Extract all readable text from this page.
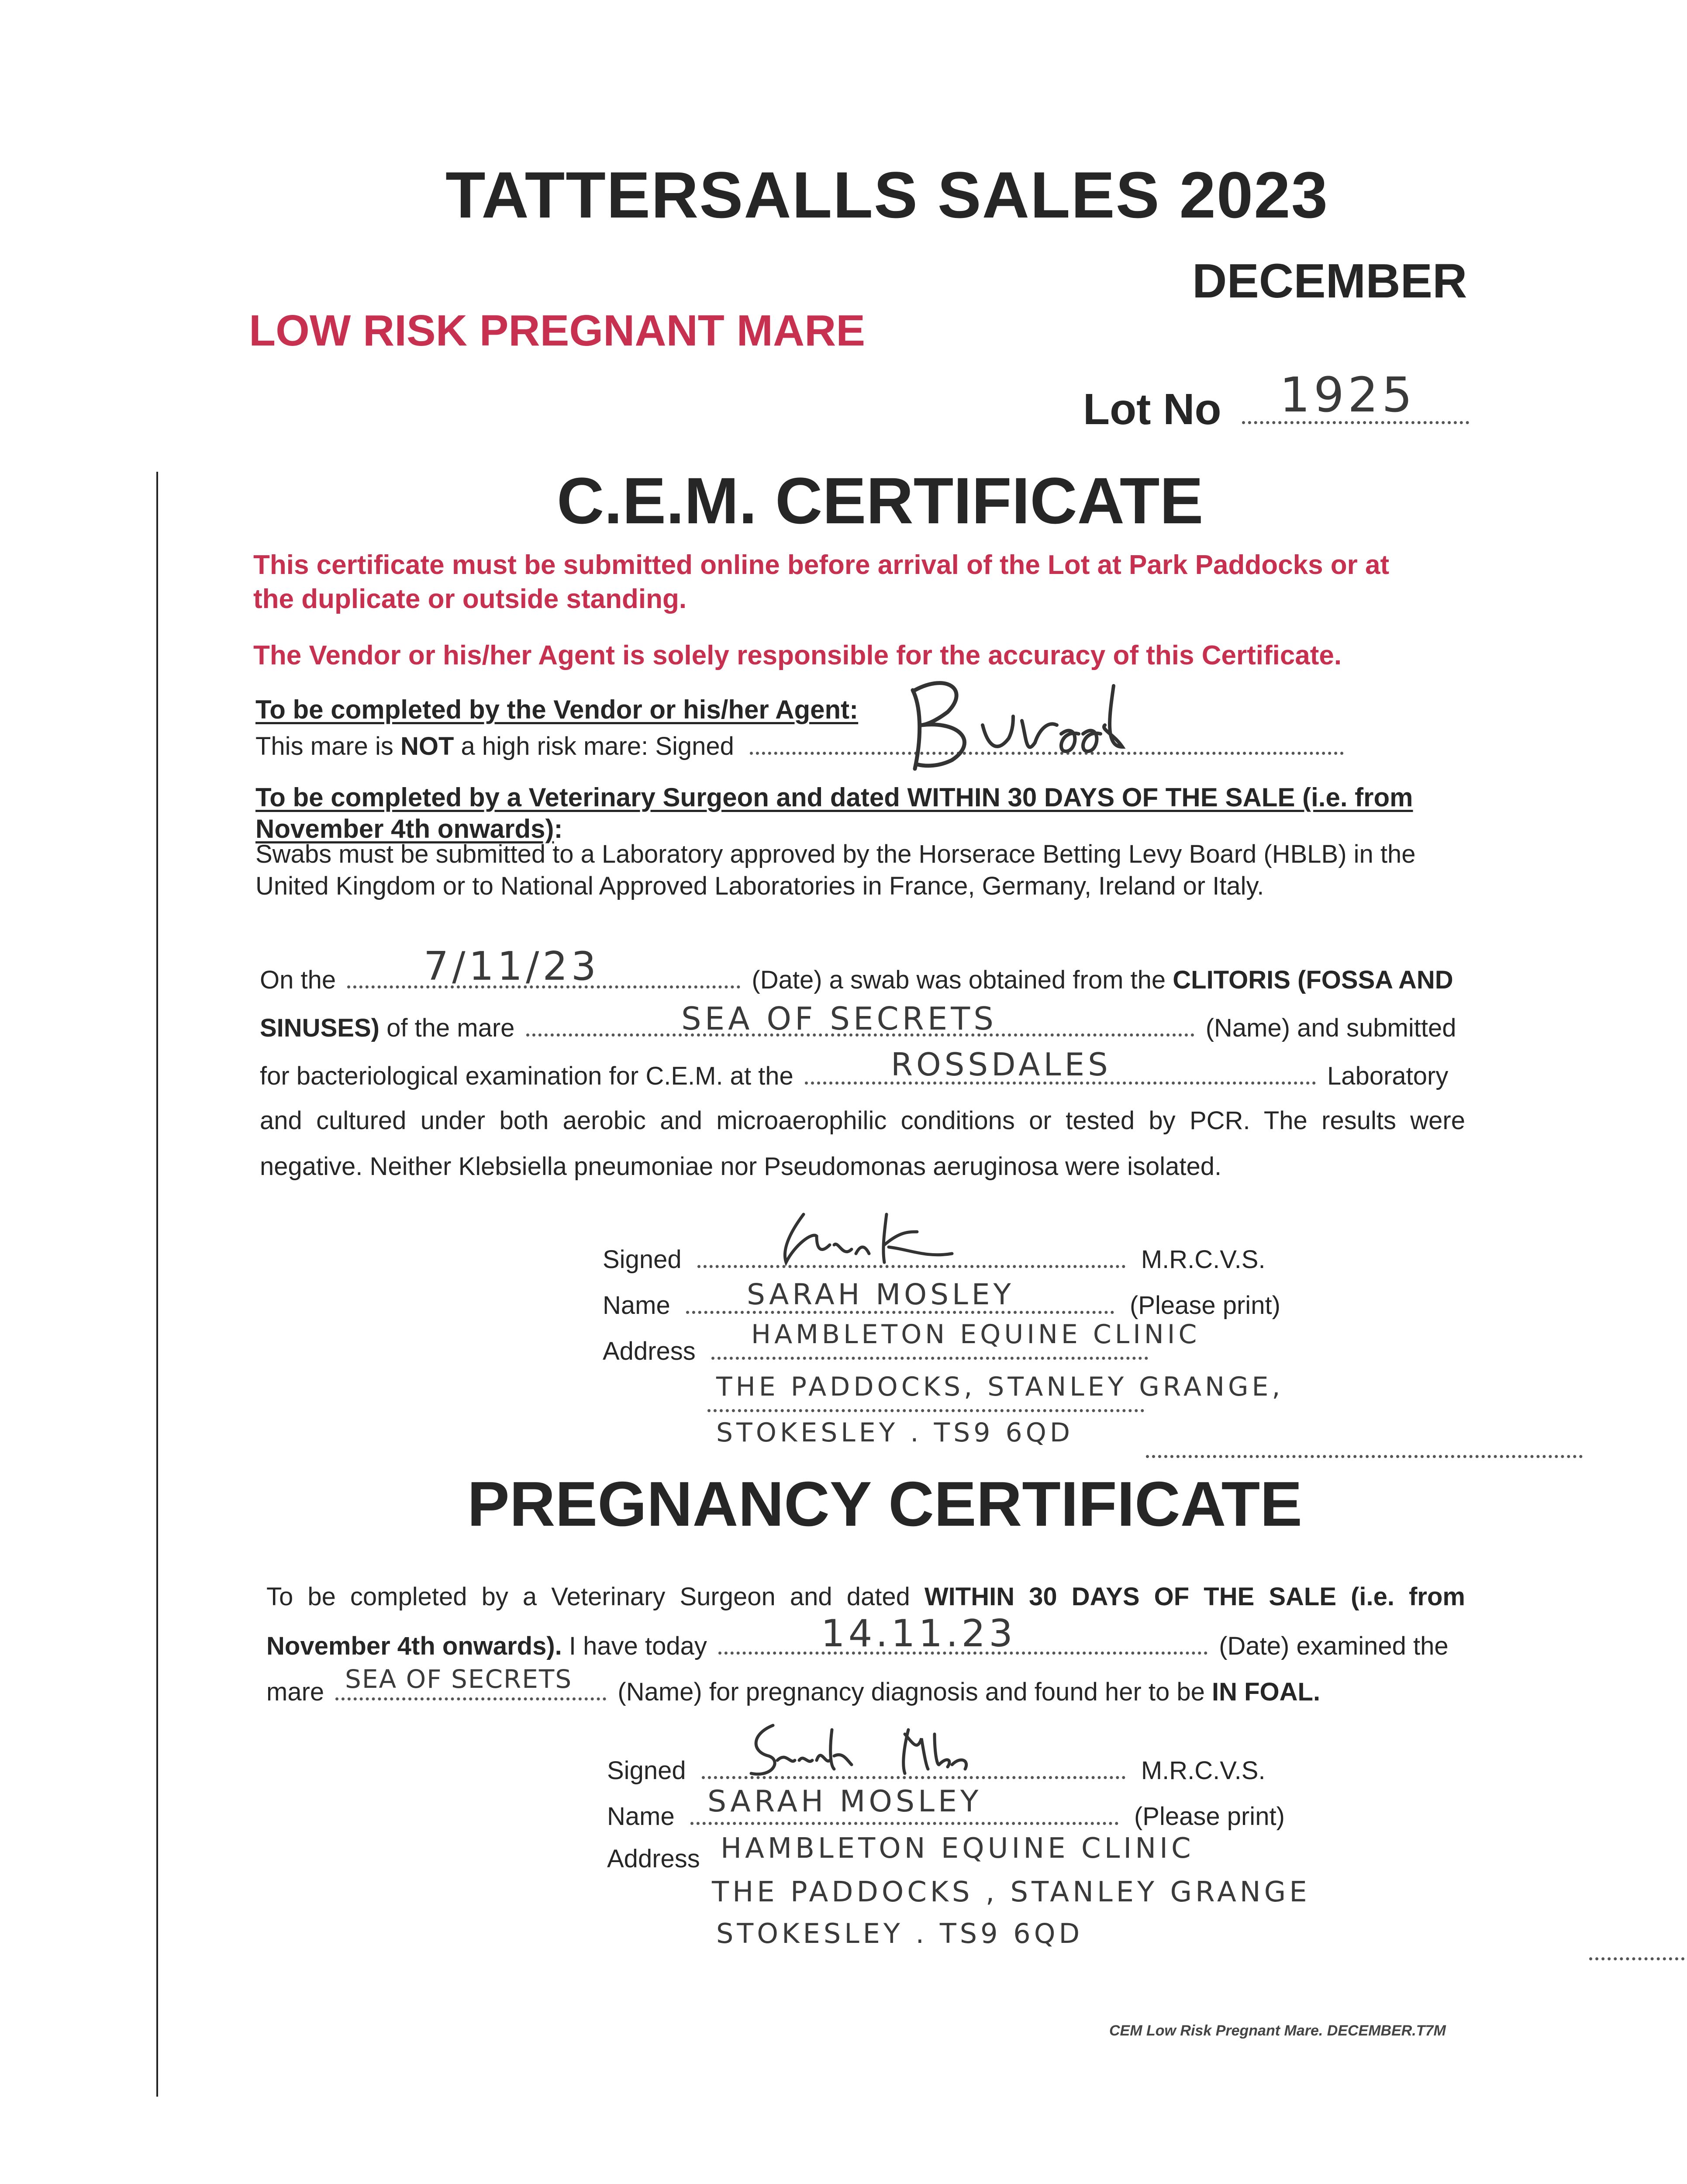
TATTERSALLS SALES 2023
DECEMBER
LOW RISK PREGNANT MARE
Lot No	1925
C.E.M. CERTIFICATE
This certificate must be submitted online before arrival of the Lot at Park Paddocks or at
the duplicate or outside standing.
The Vendor or his/her Agent is solely responsible for the accuracy of this Certificate.
To be completed by the Vendor or his/her Agent:
This mare is NOT a high risk mare: Signed
To be completed by a Veterinary Surgeon and dated WITHIN 30 DAYS OF THE SALE (i.e. from
November 4th onwards):
Swabs must be submitted to a Laboratory approved by the Horserace Betting Levy Board (HBLB) in the
United Kingdom or to National Approved Laboratories in France, Germany, Ireland or Italy.
On the	(Date) a swab was obtained from the CLITORIS (FOSSA AND
7/11/23
SINUSES) of the mare	(Name) and submitted
SEA OF SECRETS
for bacteriological examination for C.E.M. at the	Laboratory
ROSSDALES
and cultured under both aerobic and microaerophilic conditions or tested by PCR. The results were
negative. Neither Klebsiella pneumoniae nor Pseudomonas aeruginosa were isolated.
Signed	M.R.C.V.S.
Name	(Please print)
SARAH MOSLEY
Address
HAMBLETON EQUINE CLINIC

THE PADDOCKS, STANLEY GRANGE,

STOKESLEY . TS9 6QD
PREGNANCY CERTIFICATE
To be completed by a Veterinary Surgeon and dated WITHIN 30 DAYS OF THE SALE (i.e. from
November 4th onwards). I have today	(Date) examined the
14.11.23
mare	(Name) for pregnancy diagnosis and found her to be IN FOAL.
SEA OF SECRETS
Signed	M.R.C.V.S.
Name	(Please print)
SARAH MOSLEY
Address HAMBLETON EQUINE CLINIC
THE PADDOCKS , STANLEY GRANGE
STOKESLEY . TS9 6QD
CEM Low Risk Pregnant Mare. DECEMBER.T7M
